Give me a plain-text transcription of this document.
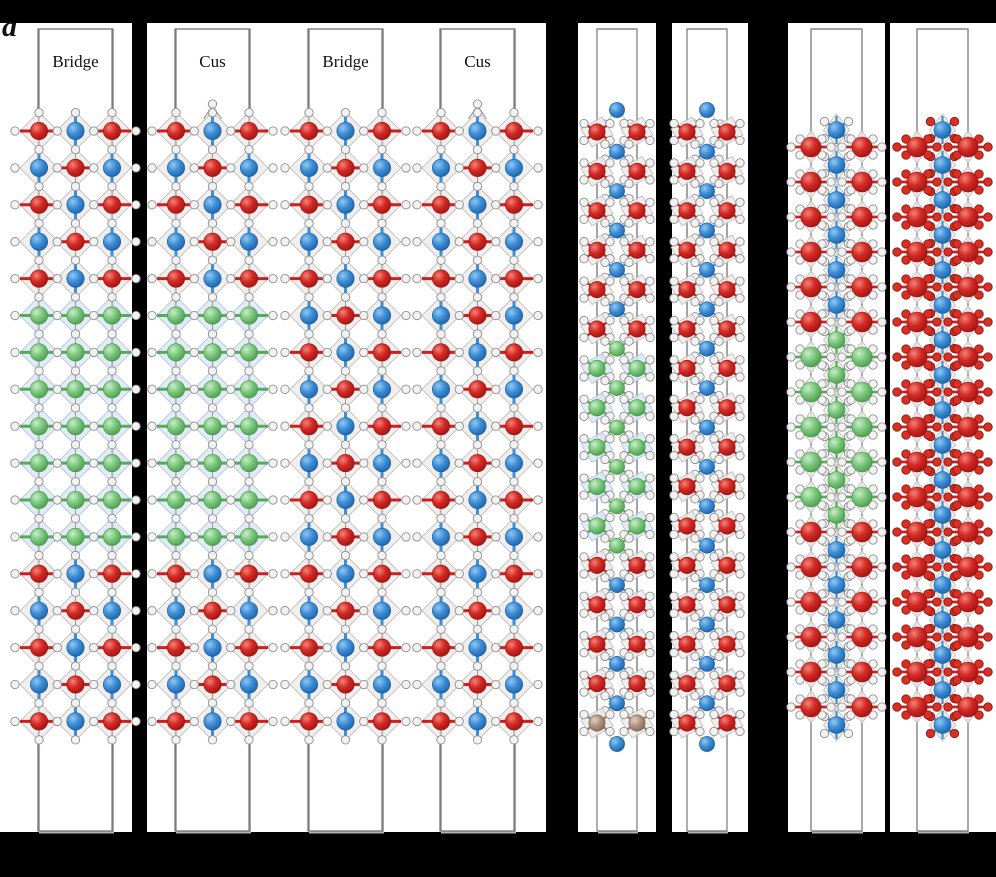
a
Bridge	Cus	Bridge	Cus
